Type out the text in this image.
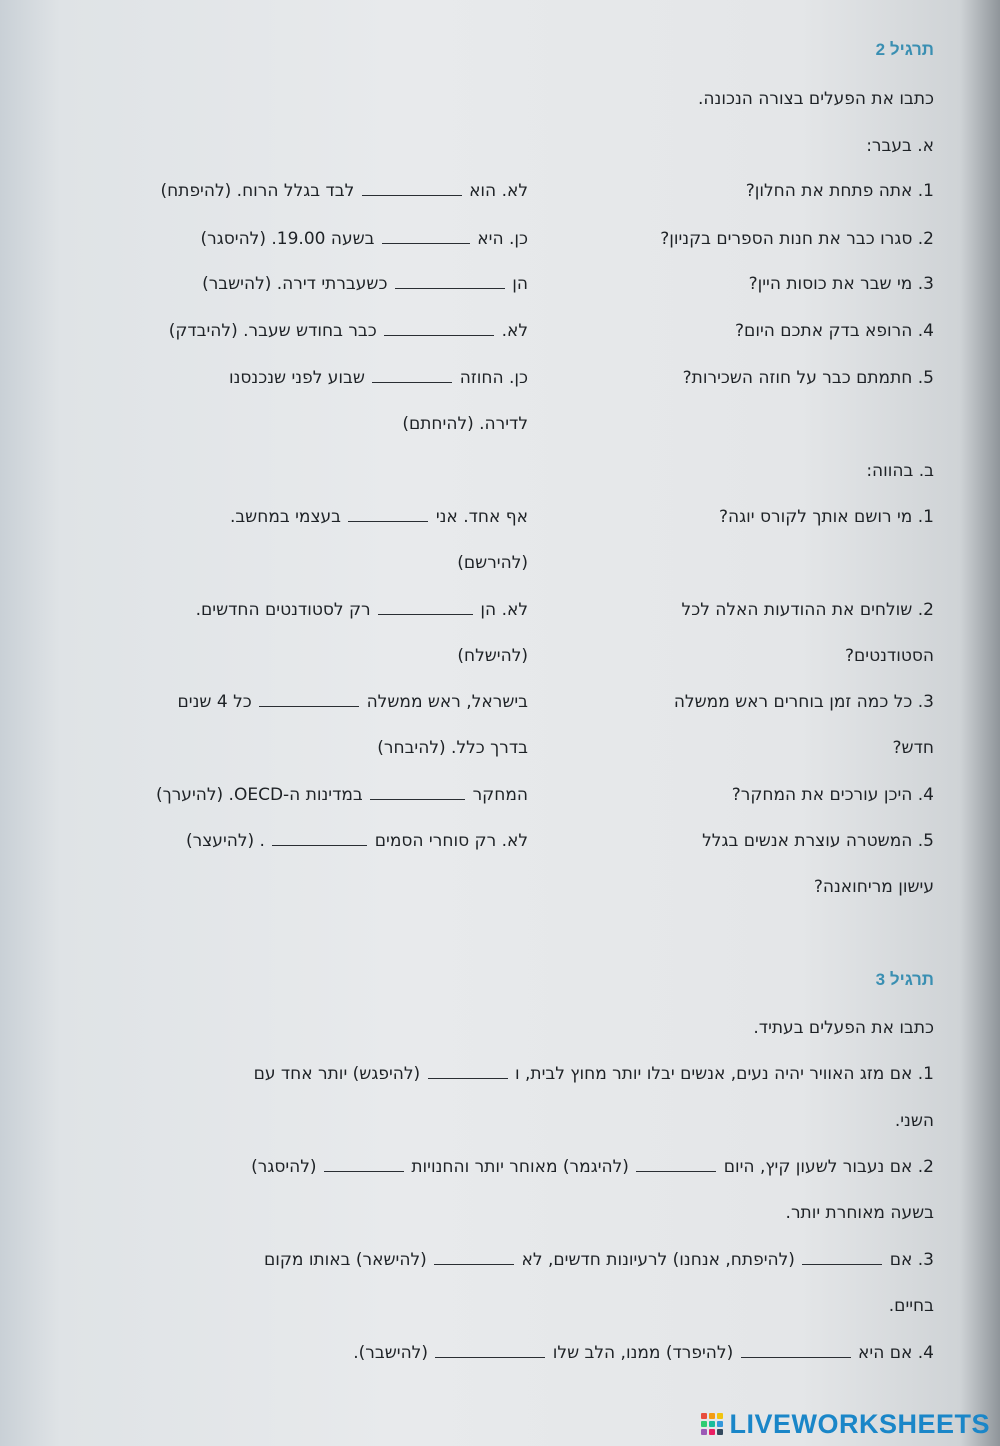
תרגיל 2
כתבו את הפעלים בצורה הנכונה.
א. בעבר:
1. אתה פתחת את החלון?
לא. הוא  לבד בגלל הרוח. (להיפתח)
2. סגרו כבר את חנות הספרים בקניון?
כן. היא  בשעה 19.00. (להיסגר)
3. מי שבר את כוסות היין?
הן  כשעברתי דירה. (להישבר)
4. הרופא בדק אתכם היום?
לא.  כבר בחודש שעבר. (להיבדק)
5. חתמתם כבר על חוזה השכירות?
כן. החוזה  שבוע לפני שנכנסנו
לדירה. (להיחתם)
ב. בהווה:
1. מי רושם אותך לקורס יוגה?
אף אחד. אני  בעצמי במחשב.
(להירשם)
2. שולחים את ההודעות האלה לכל
לא. הן  רק לסטודנטים החדשים.
(להישלח)	הסטודנטים?
3. כל כמה זמן בוחרים ראש ממשלה
בישראל, ראש ממשלה  כל 4 שנים
בדרך כלל. (להיבחר)	חדש?
4. היכן עורכים את המחקר?
המחקר  במדינות ה-OECD. (להיערך)
5. המשטרה עוצרת אנשים בגלל
לא. רק סוחרי הסמים  . (להיעצר)
עישון מריחואנה?
תרגיל 3
כתבו את הפעלים בעתיד.
1. אם מזג האוויר יהיה נעים, אנשים יבלו יותר מחוץ לבית, ו  (להיפגש) יותר אחד עם
השני.
2. אם נעבור לשעון קיץ, היום  (להיגמר) מאוחר יותר והחנויות  (להיסגר)
בשעה מאוחרת יותר.
3. אם  (להיפתח, אנחנו) לרעיונות חדשים, לא  (להישאר) באותו מקום
בחיים.
4. אם היא  (להיפרד) ממנו, הלב שלו  (להישבר).
LIVEWORKSHEETS
